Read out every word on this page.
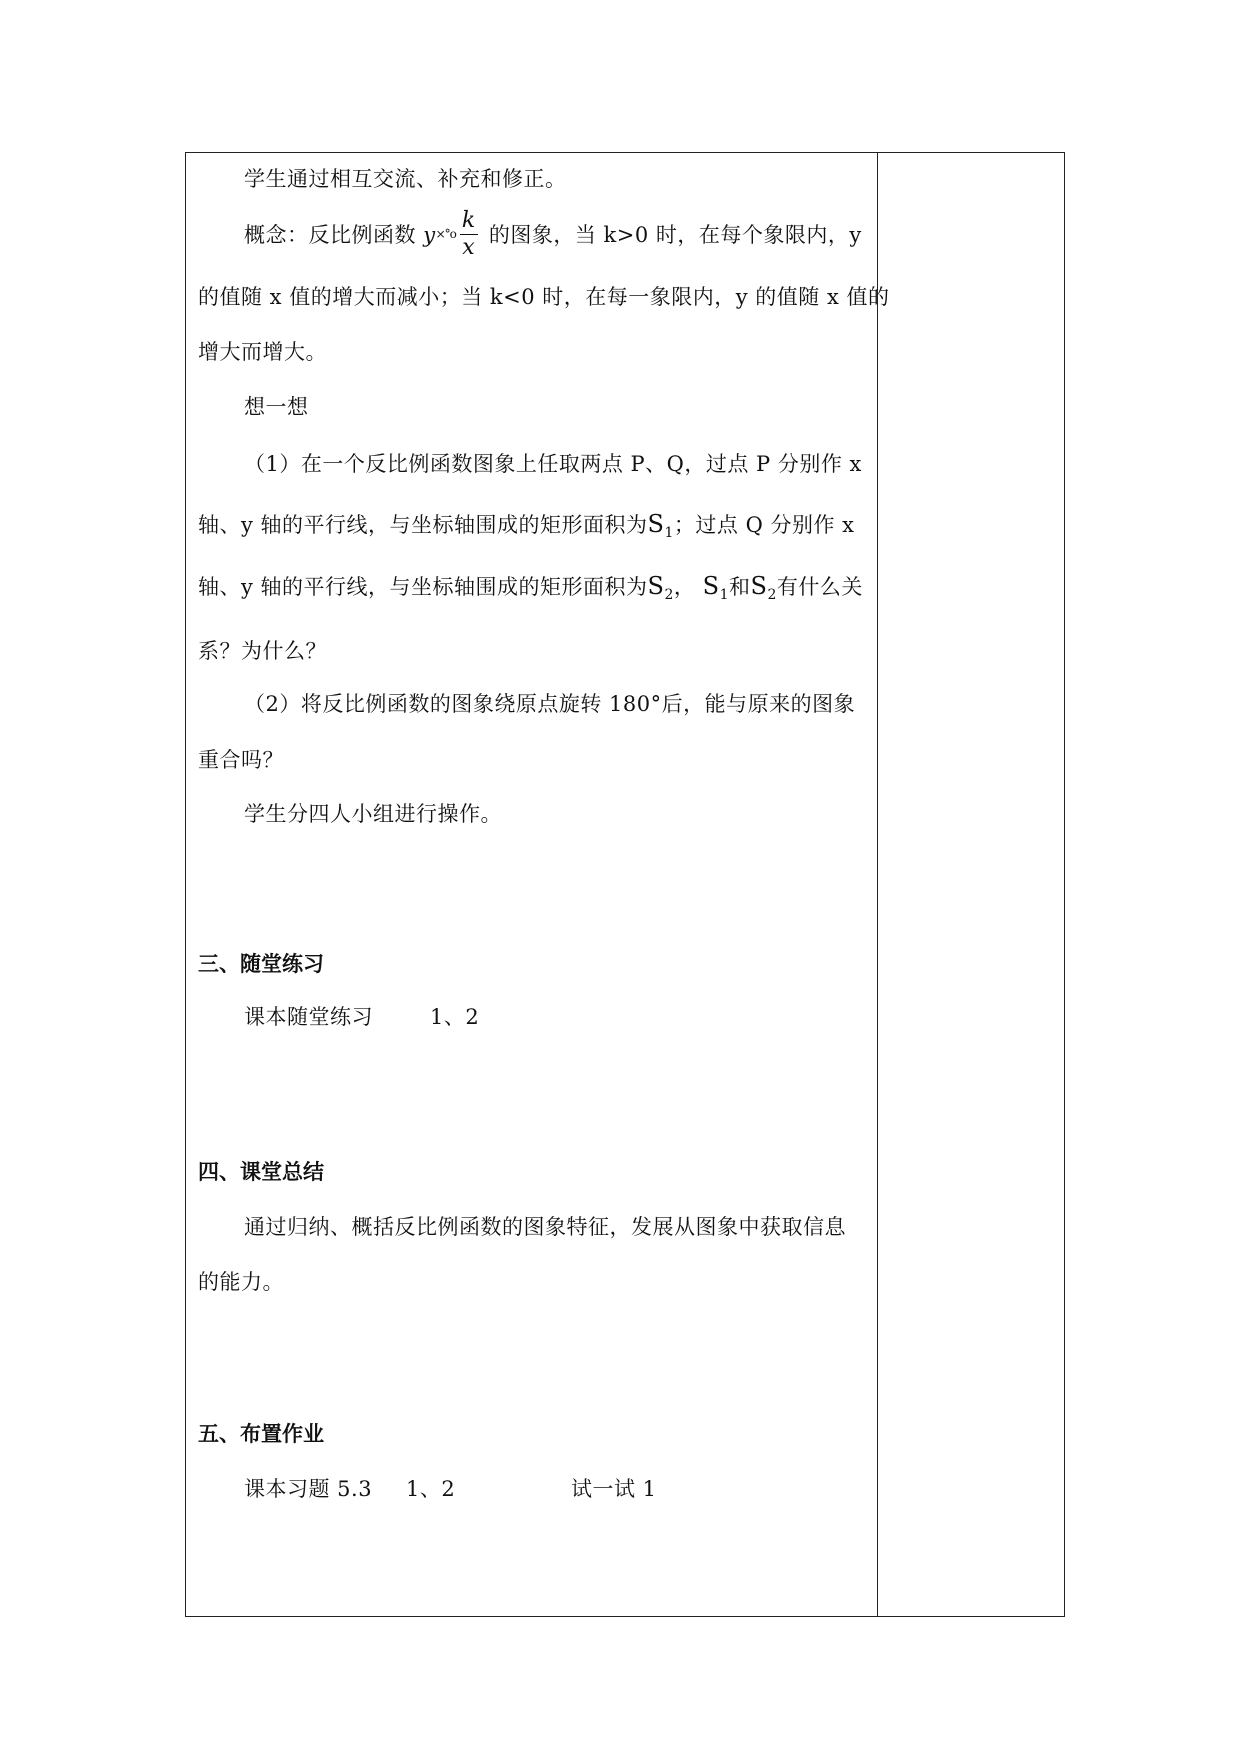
学生通过相互交流、补充和修正。
概念：反比例函数 $y\times^\circ o \frac{k}{x}$ 的图象，当 k>0 时，在每个象限内，y
的值随 x 值的增大而减小；当 k<0 时，在每一象限内，y 的值随 x 值的
增大而增大。
想一想
（1）在一个反比例函数图象上任取两点 P、Q，过点 P 分别作 x
轴、y 轴的平行线，与坐标轴围成的矩形面积为$S_1$；过点 Q 分别作 x
轴、y 轴的平行线，与坐标轴围成的矩形面积为$S_2$， $S_1$和$S_2$有什么关
系？为什么？
（2）将反比例函数的图象绕原点旋转 180°后，能与原来的图象
重合吗？
学生分四人小组进行操作。
三、随堂练习
课本随堂练习	1、2
四、课堂总结
通过归纳、概括反比例函数的图象特征，发展从图象中获取信息
的能力。
五、布置作业
课本习题 5.3 1、2	试一试 1
